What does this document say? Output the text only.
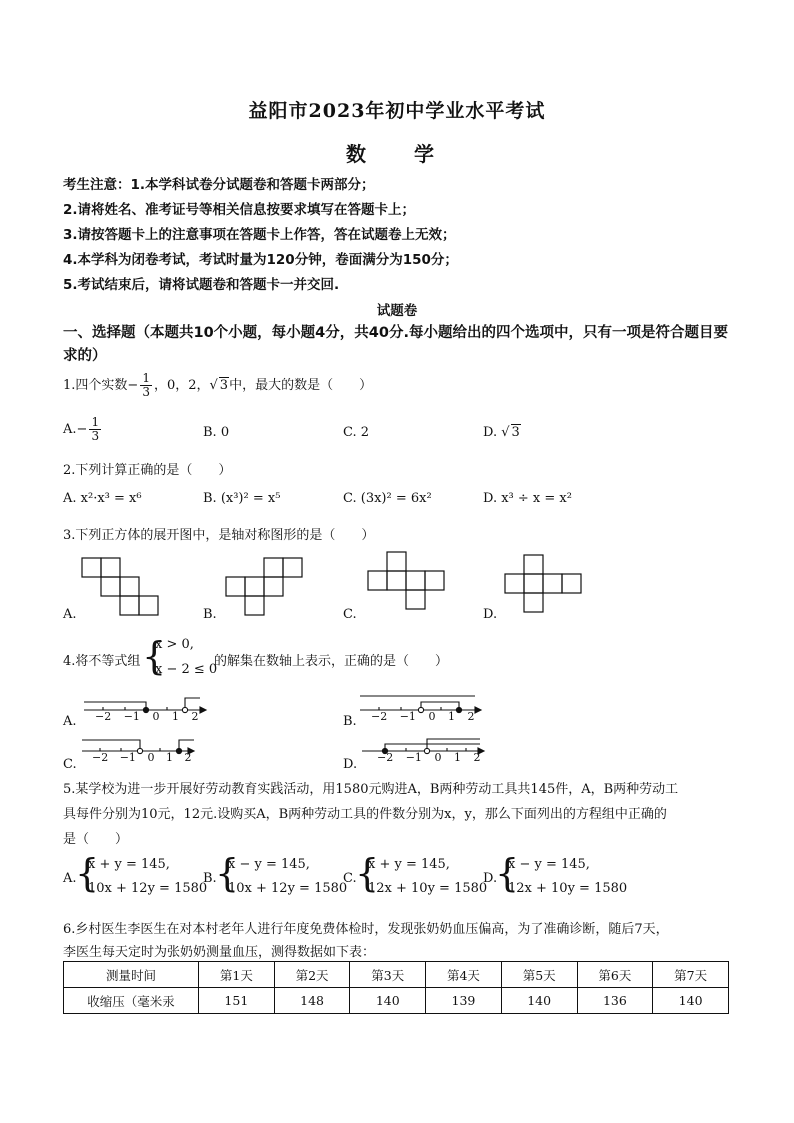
益阳市2023年初中学业水平考试
数　学
考生注意：1.本学科试卷分试题卷和答题卡两部分；
2.请将姓名、准考证号等相关信息按要求填写在答题卡上；
3.请按答题卡上的注意事项在答题卡上作答，答在试题卷上无效；
4.本学科为闭卷考试，考试时量为120分钟，卷面满分为150分；
5.考试结束后，请将试题卷和答题卡一并交回.
试题卷
一、选择题（本题共10个小题，每小题4分，共40分.每小题给出的四个选项中，只有一项是符合题目要求的）
1.四个实数− $\frac{1}{3}$ ，0，2，√ 3中，最大的数是（　　）
$A.- \frac{1}{3}$	B. 0	C. 2	D. √ 3
2.下列计算正确的是（　　）
A. x²·x³ = x⁶	B. (x³)² = x⁵	C. (3x)² = 6x²	D. x³ ÷ x = x²
3.下列正方体的展开图中，是轴对称图形的是（　　）
A.	B.	C.	D.
4.将不等式组 {
x > 0,
x − 2 ≤ 0
的解集在数轴上表示，正确的是（　　）
A. −2 −1 0 1 2	B. −2 −1 0 1 2
C. −2 −1 0 1 2	D. −2 −1 0 1 2
5.某学校为进一步开展好劳动教育实践活动，用1580元购进A，B两种劳动工具共145件，A，B两种劳动工
具每件分别为10元，12元.设购买A，B两种劳动工具的件数分别为x，y，那么下面列出的方程组中正确的
是（　　）
A.
{
x + y = 145,
10x + 12y = 1580
B.
{
x − y = 145,
10x + 12y = 1580
C.
{
x + y = 145,
12x + 10y = 1580
D.
{
x − y = 145,
12x + 10y = 1580
6.乡村医生李医生在对本村老年人进行年度免费体检时，发现张奶奶血压偏高，为了准确诊断，随后7天，
李医生每天定时为张奶奶测量血压，测得数据如下表：
测量时间	第1天	第2天	第3天	第4天	第5天	第6天	第7天
收缩压（毫米汞	151	148	140	139	140	136	140
